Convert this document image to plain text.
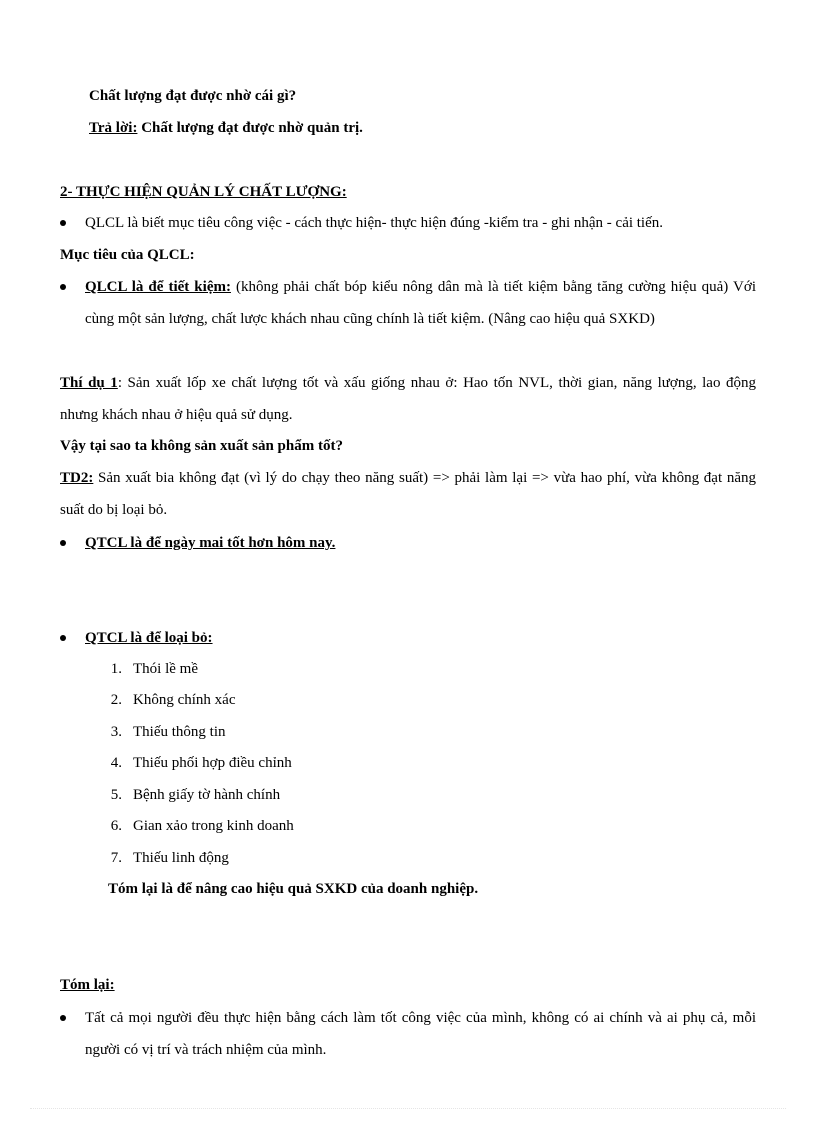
Chất lượng đạt được nhờ cái gì?
Trả lời: Chất lượng đạt được nhờ quản trị.
2- THỰC HIỆN QUẢN LÝ CHẤT LƯỢNG:
QLCL là biết mục tiêu công việc - cách thực hiện- thực hiện đúng -kiểm tra - ghi nhận - cải tiến.
Mục tiêu của QLCL:
QLCL là để tiết kiệm: (không phải chất bóp kiểu nông dân mà là tiết kiệm bằng tăng cường hiệu quả) Với cùng một sản lượng, chất lược khách nhau cũng chính là tiết kiệm. (Nâng cao hiệu quả SXKD)
Thí dụ 1: Sản xuất lốp xe chất lượng tốt và xấu giống nhau ở: Hao tốn NVL, thời gian, năng lượng, lao động nhưng khách nhau ở hiệu quả sử dụng.
Vậy tại sao ta không sản xuất sản phẩm tốt?
TD2: Sản xuất bia không đạt (vì lý do chạy theo năng suất) => phải làm lại => vừa hao phí, vừa không đạt năng suất do bị loại bỏ.
QTCL là để ngày mai tốt hơn hôm nay.
QTCL là để loại bỏ:
1. Thói lề mề
2. Không chính xác
3. Thiếu thông tin
4. Thiếu phối hợp điều chỉnh
5. Bệnh giấy tờ hành chính
6. Gian xảo trong kinh doanh
7. Thiếu linh động
Tóm lại là để nâng cao hiệu quả SXKD của doanh nghiệp.
Tóm lại:
Tất cả mọi người đều thực hiện bằng cách làm tốt công việc của mình, không có ai chính và ai phụ cả, mỗi người có vị trí và trách nhiệm của mình.
